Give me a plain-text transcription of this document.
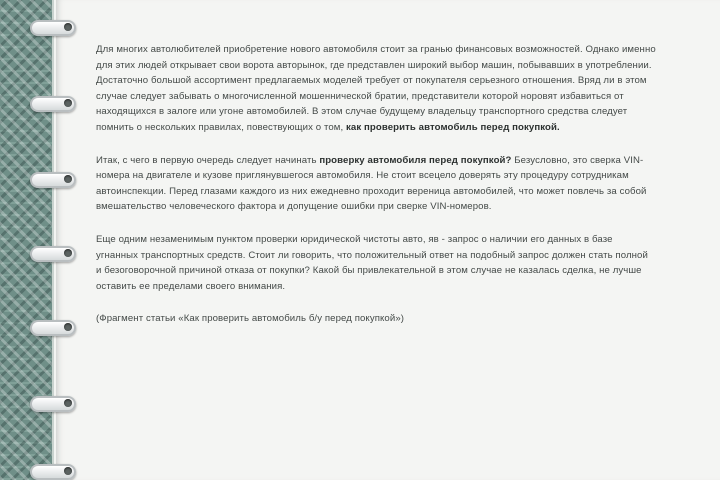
Для многих автолюбителей приобретение нового автомобиля стоит за гранью финансовых возможностей. Однако именно для этих людей открывает свои ворота авторынок, где представлен широкий выбор машин, побывавших в употреблении. Достаточно большой ассортимент предлагаемых моделей требует от покупателя серьезного отношения. Вряд ли в этом случае следует забывать о многочисленной мошеннической братии, представители которой норовят избавиться от находящихся в залоге или угоне автомобилей. В этом случае будущему владельцу транспортного средства следует помнить о нескольких правилах, повествующих о том, как проверить автомобиль перед покупкой.

Итак, с чего в первую очередь следует начинать проверку автомобиля перед покупкой? Безусловно, это сверка VIN-номера на двигателе и кузове приглянувшегося автомобиля. Не стоит всецело доверять эту процедуру сотрудникам автоинспекции. Перед глазами каждого из них ежедневно проходит вереница автомобилей, что может повлечь за собой вмешательство человеческого фактора и допущение ошибки при сверке VIN-номеров.

Еще одним незаменимым пунктом проверки юридической чистоты авто, яв - запрос о наличии его данных в базе угнанных транспортных средств. Стоит ли говорить, что положительный ответ на подобный запрос должен стать полной и безоговорочной причиной отказа от покупки? Какой бы привлекательной в этом случае не казалась сделка, не лучше оставить ее пределами своего внимания.

(Фрагмент статьи «Как проверить автомобиль б/у перед покупкой»)
